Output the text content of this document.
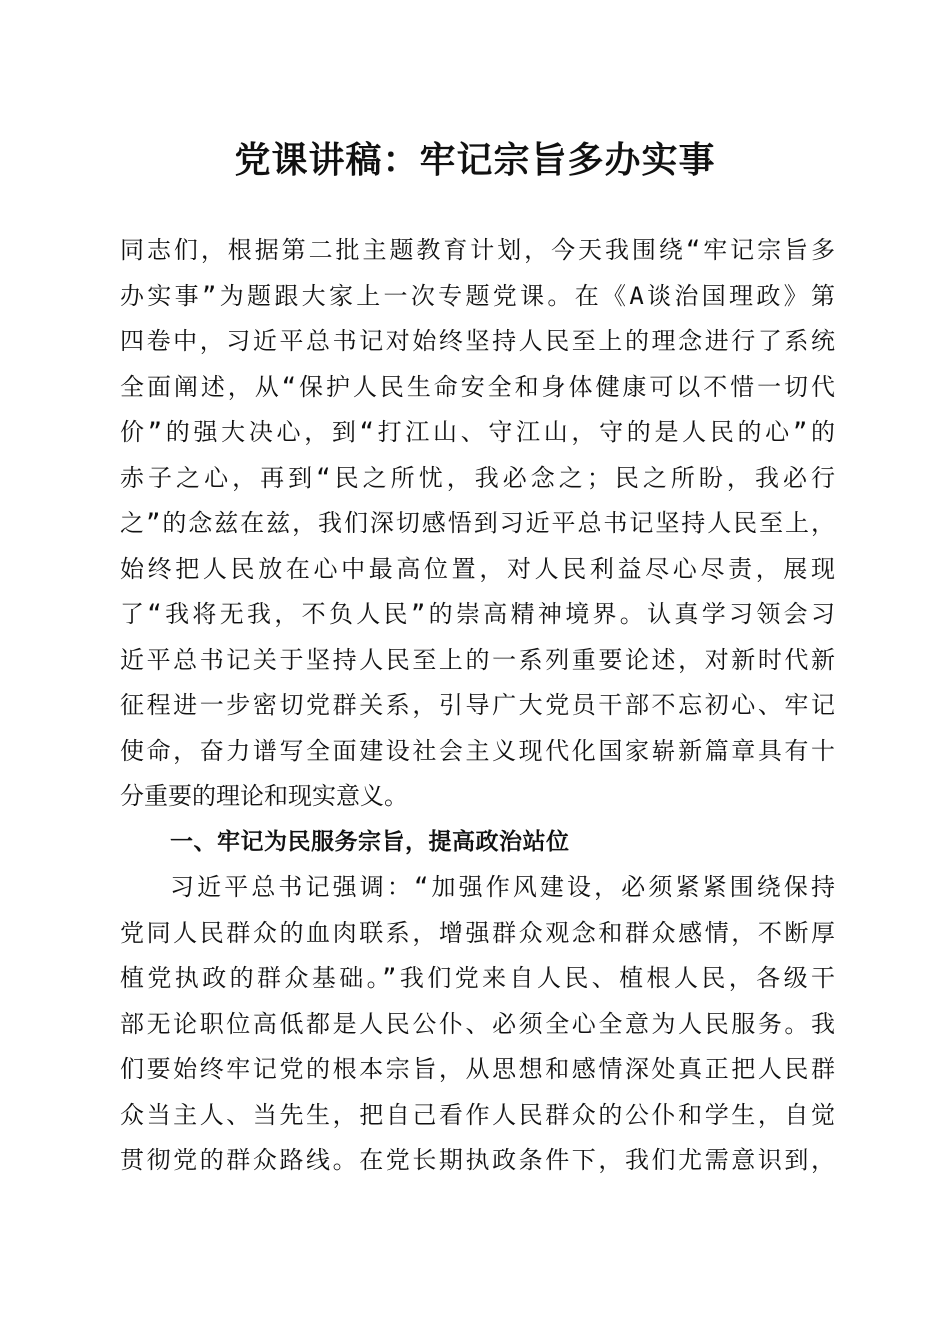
党课讲稿：牢记宗旨多办实事
同志们，根据第二批主题教育计划，今天我围绕“牢记宗旨多
办实事”为题跟大家上一次专题党课。在《A谈治国理政》第
四卷中，习近平总书记对始终坚持人民至上的理念进行了系统
全面阐述，从“保护人民生命安全和身体健康可以不惜一切代
价”的强大决心，到“打江山、守江山，守的是人民的心”的
赤子之心，再到“民之所忧，我必念之；民之所盼，我必行
之”的念兹在兹，我们深切感悟到习近平总书记坚持人民至上，
始终把人民放在心中最高位置，对人民利益尽心尽责，展现
了“我将无我，不负人民”的崇高精神境界。认真学习领会习
近平总书记关于坚持人民至上的一系列重要论述，对新时代新
征程进一步密切党群关系，引导广大党员干部不忘初心、牢记
使命，奋力谱写全面建设社会主义现代化国家崭新篇章具有十
分重要的理论和现实意义。
一、牢记为民服务宗旨，提高政治站位
习近平总书记强调：“加强作风建设，必须紧紧围绕保持
党同人民群众的血肉联系，增强群众观念和群众感情，不断厚
植党执政的群众基础。”我们党来自人民、植根人民，各级干
部无论职位高低都是人民公仆、必须全心全意为人民服务。我
们要始终牢记党的根本宗旨，从思想和感情深处真正把人民群
众当主人、当先生，把自己看作人民群众的公仆和学生，自觉
贯彻党的群众路线。在党长期执政条件下，我们尤需意识到，
